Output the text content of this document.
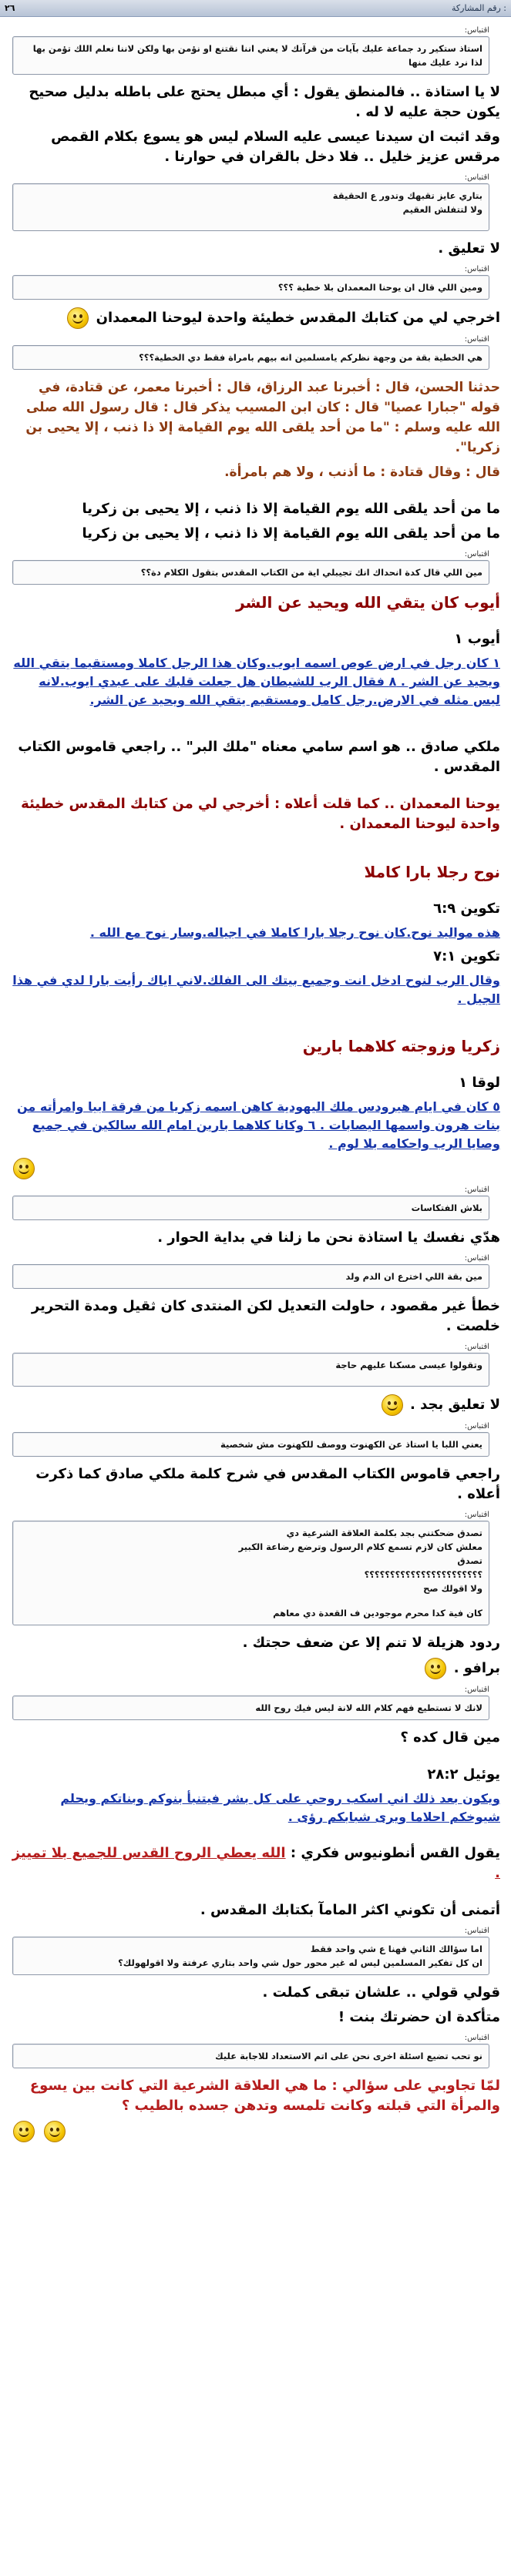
٢٦	رقم المشاركة :
اقتباس:
استاذ ستكير رد جماعة عليك بآيات من قرآنك لا يعني اننا نقتنع او نؤمن بها ولكن لاننا نعلم اللك تؤمن بها لذا نرد عليك منها
لا يا استاذة .. فالمنطق يقول : أي مبطل يحتج على باطله بدليل صحيح يكون حجة عليه لا له .
وقد اثبت ان سيدنا عيسى عليه السلام ليس هو يسوع بكلام القمص مرقس عزيز خليل .. فلا دخل بالقران في حوارنا .
اقتباس:
بتاري عايز تقبهك وتدور ع الحقيقة
ولا لتتفلش العقيم
لا تعليق .
اقتباس:
ومين اللي قال ان يوحنا المعمدان بلا خطية ؟؟؟
اخرجي لي من كتابك المقدس خطيئة واحدة ليوحنا المعمدان
اقتباس:
هي الخطية بقة من وجهة نظركم يامسلمين انه بيهم بامراة فقط دي الخطية؟؟؟
حدثنا الحسن، قال : أخبرنا عبد الرزاق، قال : أخبرنا معمر، عن قتادة، في قوله "جبارا عصيا" قال : كان ابن المسيب يذكر قال : قال رسول الله صلى الله عليه وسلم : "ما من أحد يلقى الله يوم القيامة إلا ذا ذنب ، إلا يحيى بن زكريا".
قال : وقال قتادة : ما أذنب ، ولا هم بامرأة.
ما من أحد يلقى الله يوم القيامة إلا ذا ذنب ، إلا يحيى بن زكريا
ما من أحد يلقى الله يوم القيامة إلا ذا ذنب ، إلا يحيى بن زكريا
اقتباس:
مين اللي قال كدة انحداك انك تجيبلي اية من الكتاب المقدس بتقول الكلام دة؟؟
أيوب كان يتقي الله ويحيد عن الشر
أيوب ١
١ كان رجل في ارض عوص اسمه ايوب.وكان هذا الرجل كاملا ومستقيما يتقي الله ويحيد عن الشر . ٨ فقال الرب للشيطان هل جعلت قلبك على عبدي ايوب.لانه ليس مثله في الارض.رجل كامل ومستقيم يتقي الله ويحيد عن الشر.
ملكي صادق .. هو اسم سامي معناه "ملك البر" .. راجعي قاموس الكتاب المقدس .
يوحنا المعمدان .. كما قلت أعلاه : أخرجي لي من كتابك المقدس خطيئة واحدة ليوحنا المعمدان .
نوح رجلا بارا كاملا
تكوين ٦:٩
هذه مواليد نوح.كان نوح رجلا بارا كاملا في اجياله.وسار نوح مع الله .
تكوين ٧:١
وقال الرب لنوح ادخل انت وجميع بيتك الى الفلك.لاني اياك رأيت بارا لدي في هذا الجيل .
زكريا وزوجته كلاهما بارين
لوقا ١
٥ كان في ايام هيرودس ملك اليهودية كاهن اسمه زكريا من فرقة ابيا وامرأته من بنات هرون واسمها اليصابات . ٦ وكانا كلاهما بارين امام الله سالكين في جميع وصايا الرب واحكامه بلا لوم .
اقتباس:
بلاش الفتكاسات
هدّي نفسك يا استاذة نحن ما زلنا في بداية الحوار .
اقتباس:
مين بقة اللي اخترع ان الدم ولد
خطأ غير مقصود ، حاولت التعديل لكن المنتدى كان ثقيل ومدة التحرير خلصت .
اقتباس:
وتقولوا عيسى مسكنا عليهم حاجة
لا تعليق بجد .
اقتباس:
يعني اللبا يا استاذ عن الكهنوت ووصف للكهنوت مش شخصية
راجعي قاموس الكتاب المقدس في شرح كلمة ملكي صادق كما ذكرت أعلاه .
اقتباس:
تصدق ضحكتني بجد بكلمة العلاقة الشرعية دي
معلش كان لازم تسمع كلام الرسول وترضع رضاعة الكبير
تصدق
؟؟؟؟؟؟؟؟؟؟؟؟؟؟؟؟؟؟؟؟؟؟؟
ولا اقولك صح
كان فية كدا محرم موجودين ف القعدة دي معاهم
ردود هزيلة لا تنم إلا عن ضعف حجتك .
برافو .
اقتباس:
لانك لا تستطيع فهم كلام الله لانة ليس فيك روح الله
مين قال كده ؟
يوئيل ٢٨:٢
ويكون بعد ذلك اني اسكب روحي على كل بشر فيتنبأ بنوكم وبناتكم ويحلم شيوخكم احلاما ويرى شبابكم رؤى .
يقول القس أنطونيوس فكري : الله يعطي الروح القدس للجميع بلا تمييز .
أتمنى أن تكوني اكثر المامآ بكتابك المقدس .
اقتباس:
اما سؤالك الثاني فهنا ع شي واحد فقط
ان كل تفكير المسلمين ليس له غير محور حول شي واحد بتاري عرفتة ولا اقولهولك؟
قولي قولي .. علشان تبقى كملت .
متأكدة ان حضرتك بنت !
اقتباس:
نو تحب تضيع اسئلة اخرى نحن على اتم الاستعداد للاجابة عليك
لمّا تجاوبي على سؤالي : ما هي العلاقة الشرعية التي كانت بين يسوع والمرأة التي قبلته وكانت تلمسه وتدهن جسده بالطيب ؟
